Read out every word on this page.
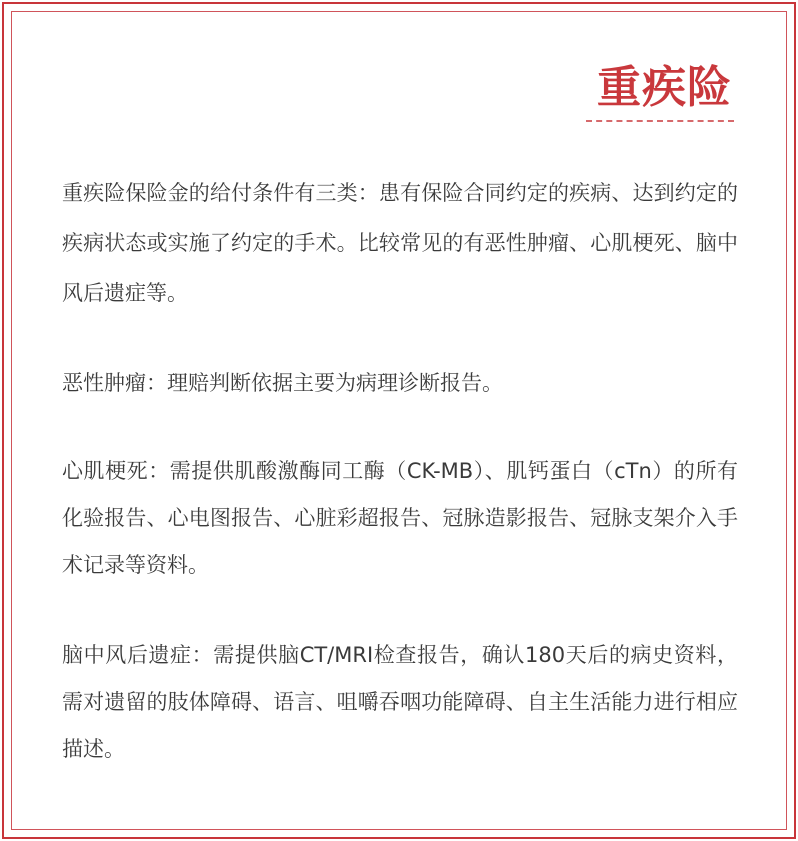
重疾险

重疾险保险金的给付条件有三类：患有保险合同约定的疾病、达到约定的疾病状态或实施了约定的手术。比较常见的有恶性肿瘤、心肌梗死、脑中风后遗症等。

恶性肿瘤：理赔判断依据主要为病理诊断报告。

心肌梗死：需提供肌酸激酶同工酶（CK-MB）、肌钙蛋白（cTn）的所有化验报告、心电图报告、心脏彩超报告、冠脉造影报告、冠脉支架介入手术记录等资料。

脑中风后遗症：需提供脑CT/MRI检查报告，确认180天后的病史资料，需对遗留的肢体障碍、语言、咀嚼吞咽功能障碍、自主生活能力进行相应描述。
